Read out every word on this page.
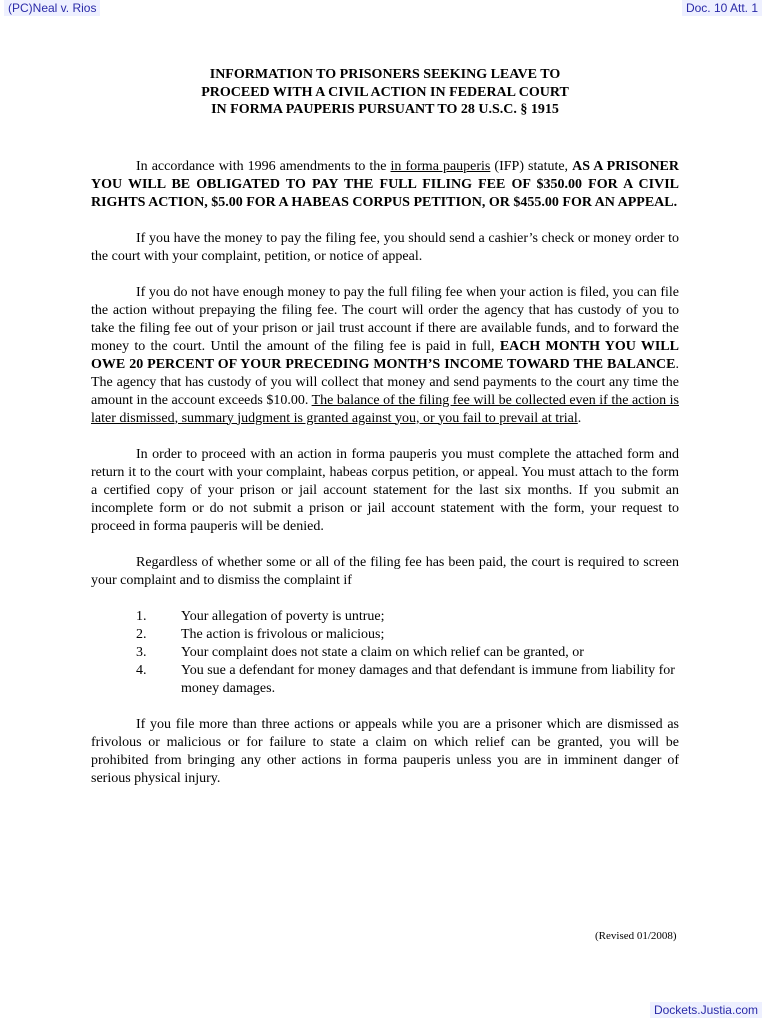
(PC)Neal v. Rios	Doc. 10 Att. 1
INFORMATION TO PRISONERS SEEKING LEAVE TO
PROCEED WITH A CIVIL ACTION IN FEDERAL COURT
IN FORMA PAUPERIS PURSUANT TO 28 U.S.C. § 1915

In accordance with 1996 amendments to the in forma pauperis (IFP) statute, AS A PRISONER YOU WILL BE OBLIGATED TO PAY THE FULL FILING FEE OF $350.00 FOR A CIVIL RIGHTS ACTION, $5.00 FOR A HABEAS CORPUS PETITION, OR $455.00 FOR AN APPEAL.

If you have the money to pay the filing fee, you should send a cashier’s check or money order to the court with your complaint, petition, or notice of appeal.

If you do not have enough money to pay the full filing fee when your action is filed, you can file the action without prepaying the filing fee. The court will order the agency that has custody of you to take the filing fee out of your prison or jail trust account if there are available funds, and to forward the money to the court. Until the amount of the filing fee is paid in full, EACH MONTH YOU WILL OWE 20 PERCENT OF YOUR PRECEDING MONTH’S INCOME TOWARD THE BALANCE. The agency that has custody of you will collect that money and send payments to the court any time the amount in the account exceeds $10.00. The balance of the filing fee will be collected even if the action is later dismissed, summary judgment is granted against you, or you fail to prevail at trial.

In order to proceed with an action in forma pauperis you must complete the attached form and return it to the court with your complaint, habeas corpus petition, or appeal. You must attach to the form a certified copy of your prison or jail account statement for the last six months. If you submit an incomplete form or do not submit a prison or jail account statement with the form, your request to proceed in forma pauperis will be denied.

Regardless of whether some or all of the filing fee has been paid, the court is required to screen your complaint and to dismiss the complaint if

1.	Your allegation of poverty is untrue;
2.	The action is frivolous or malicious;
3.	Your complaint does not state a claim on which relief can be granted, or
4.	You sue a defendant for money damages and that defendant is immune from liability for money damages.

If you file more than three actions or appeals while you are a prisoner which are dismissed as frivolous or malicious or for failure to state a claim on which relief can be granted, you will be prohibited from bringing any other actions in forma pauperis unless you are in imminent danger of serious physical injury.

(Revised 01/2008)
Dockets.Justia.com
